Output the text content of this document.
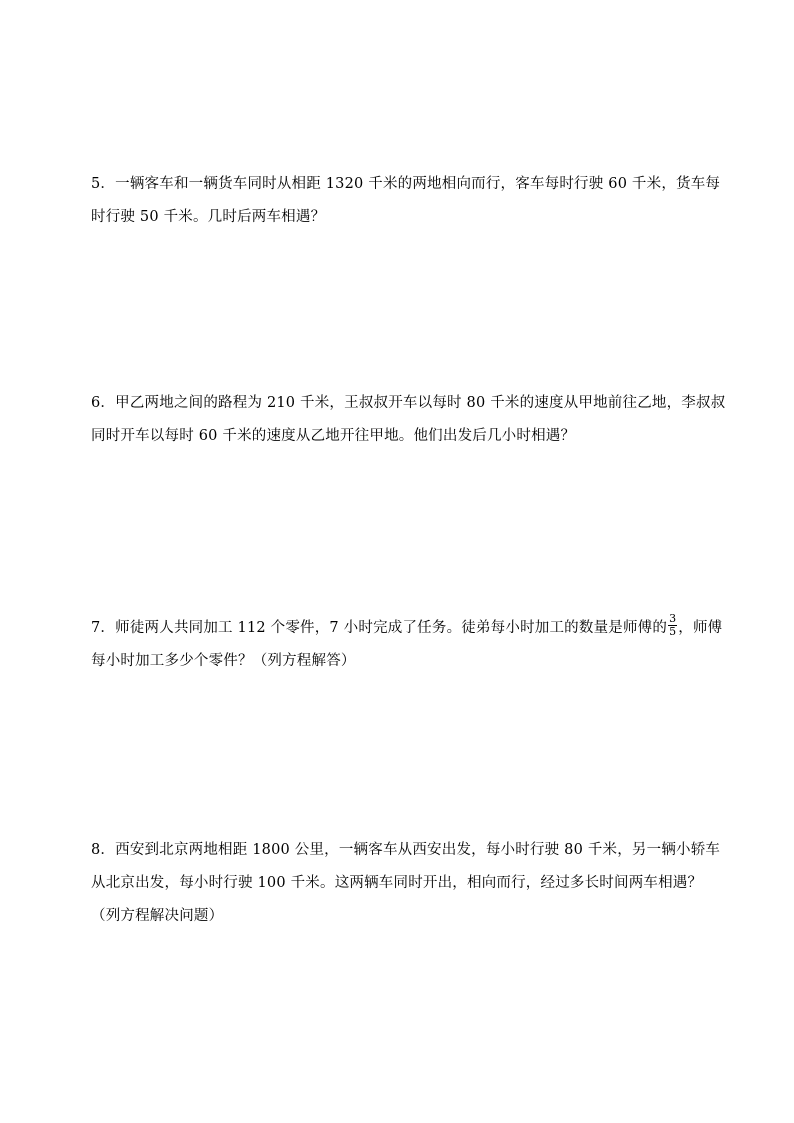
5．一辆客车和一辆货车同时从相距 1320 千米的两地相向而行，客车每时行驶 60 千米，货车每时行驶 50 千米。几时后两车相遇？
6．甲乙两地之间的路程为 210 千米，王叔叔开车以每时 80 千米的速度从甲地前往乙地，李叔叔同时开车以每时 60 千米的速度从乙地开往甲地。他们出发后几小时相遇？
7．师徒两人共同加工 112 个零件，7 小时完成了任务。徒弟每小时加工的数量是师傅的 $\frac{3}{5}$ ，师傅每小时加工多少个零件？（列方程解答）
8．西安到北京两地相距 1800 公里，一辆客车从西安出发，每小时行驶 80 千米，另一辆小轿车从北京出发，每小时行驶 100 千米。这两辆车同时开出，相向而行，经过多长时间两车相遇？（列方程解决问题）
